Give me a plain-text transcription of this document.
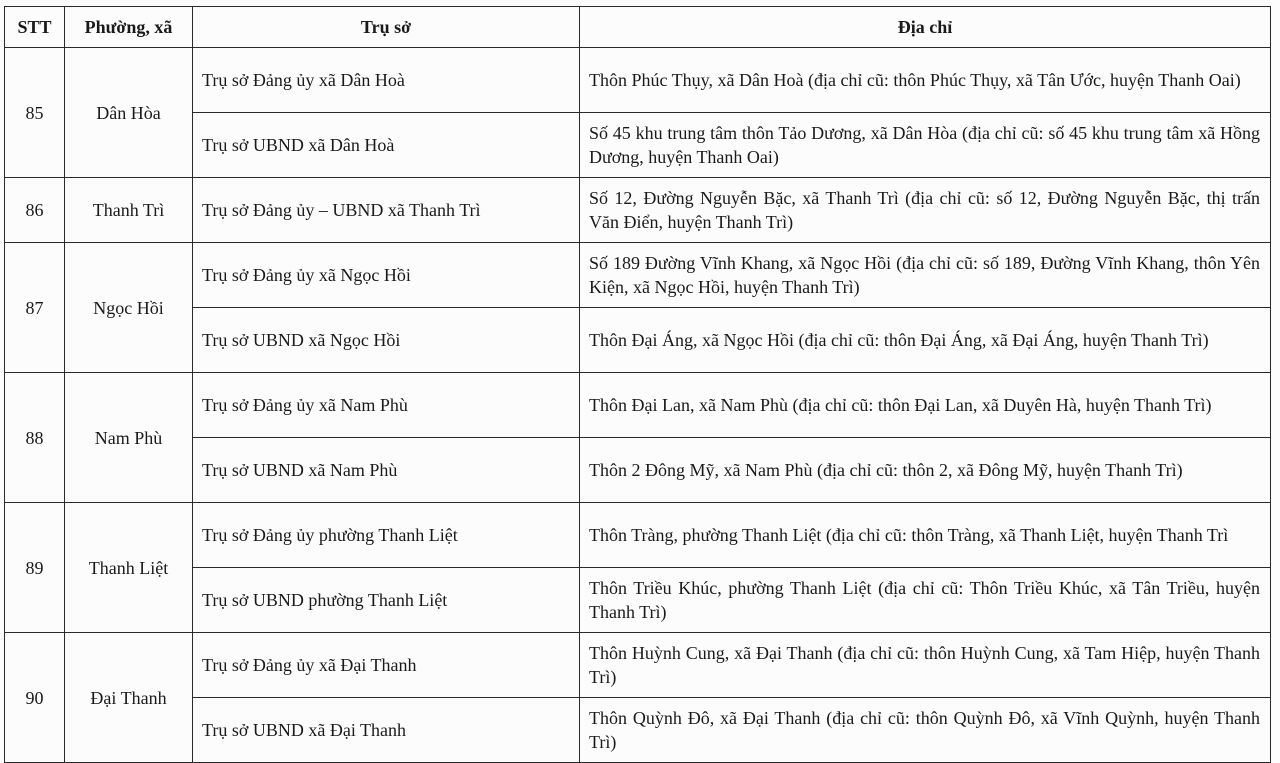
STT	Phường, xã	Trụ sở	Địa chỉ
85	Dân Hòa	Trụ sở Đảng ủy xã Dân Hoà	Thôn Phúc Thụy, xã Dân Hoà (địa chỉ cũ: thôn Phúc Thụy, xã Tân Ước, huyện Thanh Oai)
		Trụ sở UBND xã Dân Hoà	Số 45 khu trung tâm thôn Tảo Dương, xã Dân Hòa (địa chỉ cũ: số 45 khu trung tâm xã Hồng Dương, huyện Thanh Oai)
86	Thanh Trì	Trụ sở Đảng ủy – UBND xã Thanh Trì	Số 12, Đường Nguyễn Bặc, xã Thanh Trì (địa chỉ cũ: số 12, Đường Nguyễn Bặc, thị trấn Văn Điển, huyện Thanh Trì)
87	Ngọc Hồi	Trụ sở Đảng ủy xã Ngọc Hồi	Số 189 Đường Vĩnh Khang, xã Ngọc Hồi (địa chỉ cũ: số 189, Đường Vĩnh Khang, thôn Yên Kiện, xã Ngọc Hồi, huyện Thanh Trì)
		Trụ sở UBND xã Ngọc Hồi	Thôn Đại Áng, xã Ngọc Hồi (địa chỉ cũ: thôn Đại Áng, xã Đại Áng, huyện Thanh Trì)
88	Nam Phù	Trụ sở Đảng ủy xã Nam Phù	Thôn Đại Lan, xã Nam Phù (địa chỉ cũ: thôn Đại Lan, xã Duyên Hà, huyện Thanh Trì)
		Trụ sở UBND xã Nam Phù	Thôn 2 Đông Mỹ, xã Nam Phù (địa chỉ cũ: thôn 2, xã Đông Mỹ, huyện Thanh Trì)
89	Thanh Liệt	Trụ sở Đảng ủy phường Thanh Liệt	Thôn Tràng, phường Thanh Liệt (địa chỉ cũ: thôn Tràng, xã Thanh Liệt, huyện Thanh Trì
		Trụ sở UBND phường Thanh Liệt	Thôn Triều Khúc, phường Thanh Liệt (địa chỉ cũ: Thôn Triều Khúc, xã Tân Triều, huyện Thanh Trì)
90	Đại Thanh	Trụ sở Đảng ủy xã Đại Thanh	Thôn Huỳnh Cung, xã Đại Thanh (địa chỉ cũ: thôn Huỳnh Cung, xã Tam Hiệp, huyện Thanh Trì)
		Trụ sở UBND xã Đại Thanh	Thôn Quỳnh Đô, xã Đại Thanh (địa chỉ cũ: thôn Quỳnh Đô, xã Vĩnh Quỳnh, huyện Thanh Trì)
